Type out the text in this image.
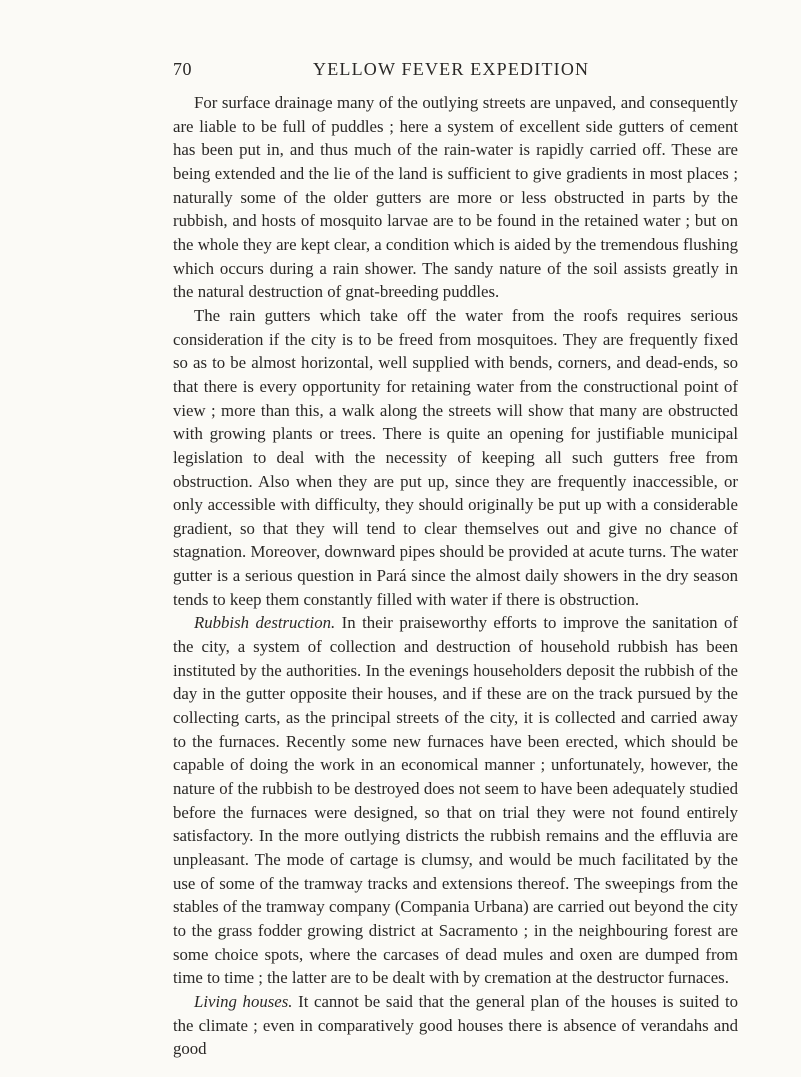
70	YELLOW FEVER EXPEDITION

For surface drainage many of the outlying streets are unpaved, and consequently are liable to be full of puddles ; here a system of excellent side gutters of cement has been put in, and thus much of the rain-water is rapidly carried off. These are being extended and the lie of the land is sufficient to give gradients in most places ; naturally some of the older gutters are more or less obstructed in parts by the rubbish, and hosts of mosquito larvae are to be found in the retained water ; but on the whole they are kept clear, a condition which is aided by the tremendous flushing which occurs during a rain shower. The sandy nature of the soil assists greatly in the natural destruction of gnat-breeding puddles.

The rain gutters which take off the water from the roofs requires serious consideration if the city is to be freed from mosquitoes. They are frequently fixed so as to be almost horizontal, well supplied with bends, corners, and dead-ends, so that there is every opportunity for retaining water from the constructional point of view ; more than this, a walk along the streets will show that many are obstructed with growing plants or trees. There is quite an opening for justifiable municipal legislation to deal with the necessity of keeping all such gutters free from obstruction. Also when they are put up, since they are frequently inaccessible, or only accessible with difficulty, they should originally be put up with a considerable gradient, so that they will tend to clear themselves out and give no chance of stagnation. Moreover, downward pipes should be provided at acute turns. The water gutter is a serious question in Pará since the almost daily showers in the dry season tends to keep them constantly filled with water if there is obstruction.

Rubbish destruction. In their praiseworthy efforts to improve the sanitation of the city, a system of collection and destruction of household rubbish has been instituted by the authorities. In the evenings householders deposit the rubbish of the day in the gutter opposite their houses, and if these are on the track pursued by the collecting carts, as the principal streets of the city, it is collected and carried away to the furnaces. Recently some new furnaces have been erected, which should be capable of doing the work in an economical manner ; unfortunately, however, the nature of the rubbish to be destroyed does not seem to have been adequately studied before the furnaces were designed, so that on trial they were not found entirely satisfactory. In the more outlying districts the rubbish remains and the effluvia are unpleasant. The mode of cartage is clumsy, and would be much facilitated by the use of some of the tramway tracks and extensions thereof. The sweepings from the stables of the tramway company (Compania Urbana) are carried out beyond the city to the grass fodder growing district at Sacramento ; in the neighbouring forest are some choice spots, where the carcases of dead mules and oxen are dumped from time to time ; the latter are to be dealt with by cremation at the destructor furnaces.

Living houses. It cannot be said that the general plan of the houses is suited to the climate ; even in comparatively good houses there is absence of verandahs and good
